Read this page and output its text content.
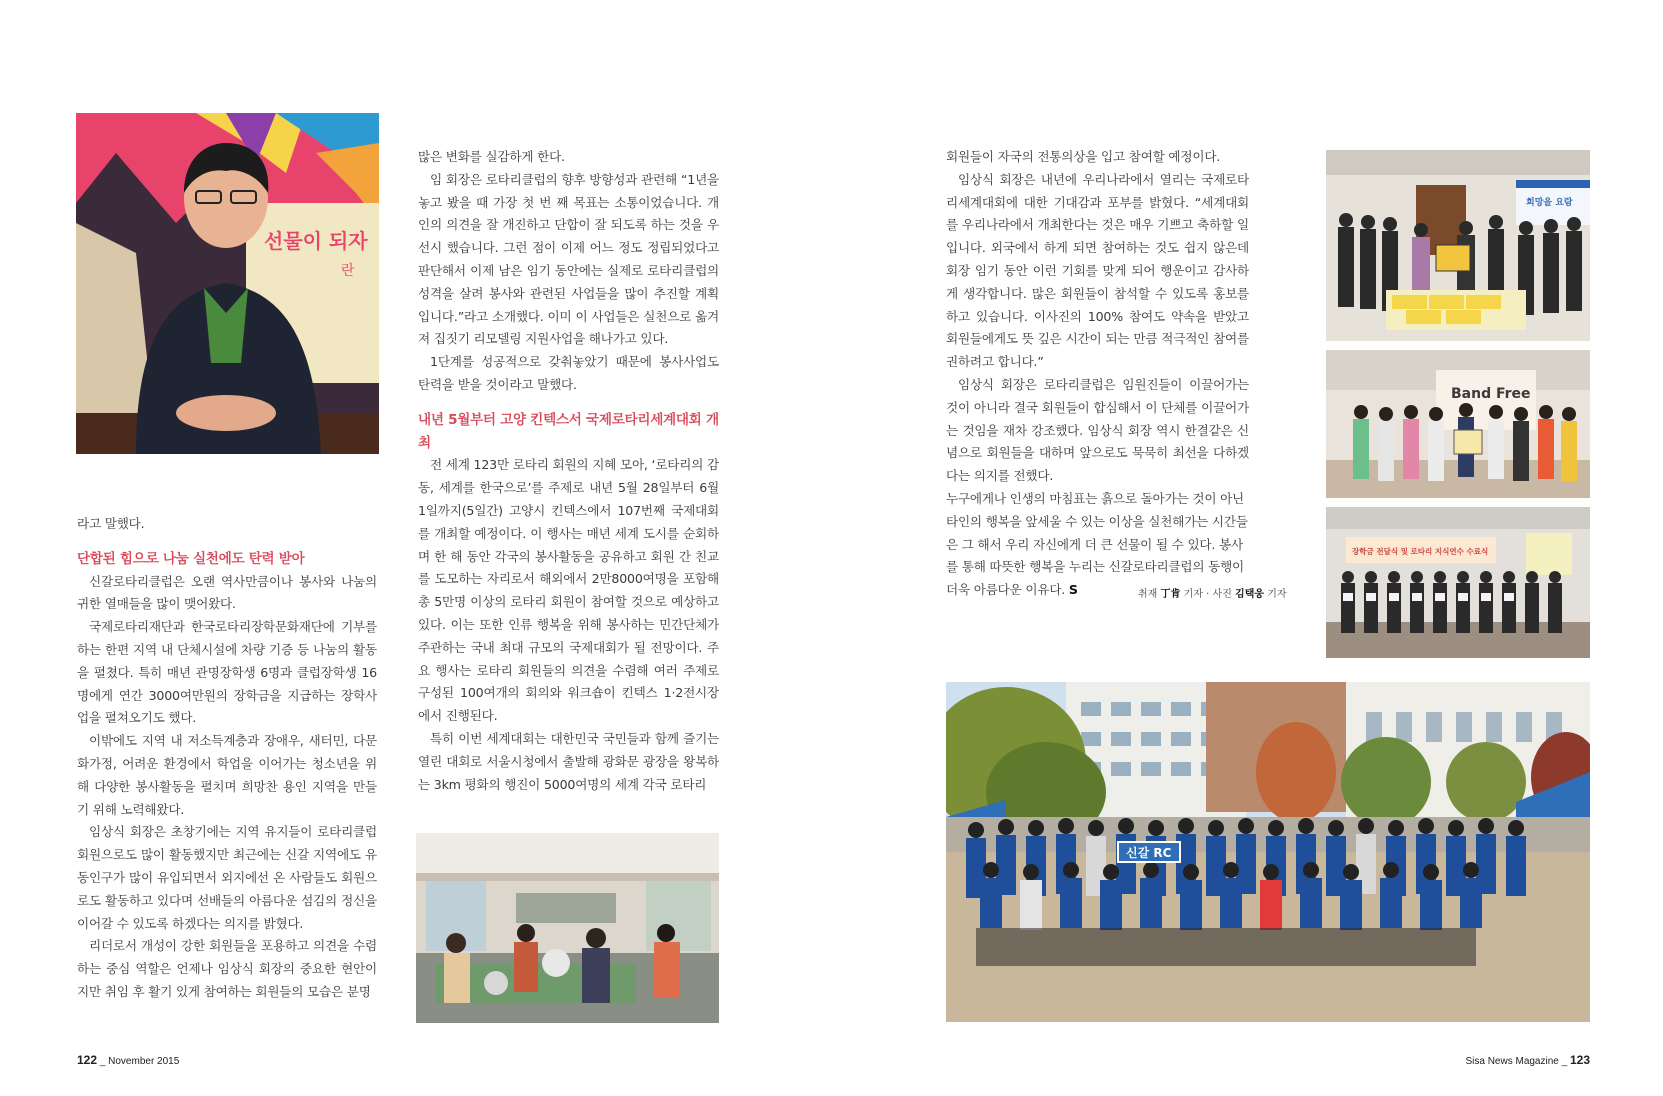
선물이 되자
란

라고 말했다.

단합된 힘으로 나눔 실천에도 탄력 받아

신갈로타리클럽은 오랜 역사만큼이나 봉사와 나눔의 귀한 열매들을 많이 맺어왔다.

국제로타리재단과 한국로타리장학문화재단에 기부를 하는 한편 지역 내 단체시설에 차량 기증 등 나눔의 활동을 펼쳤다. 특히 매년 관명장학생 6명과 클럽장학생 16명에게 연간 3000여만원의 장학금을 지급하는 장학사업을 펼쳐오기도 했다.

이밖에도 지역 내 저소득계층과 장애우, 새터민, 다문화가정, 어려운 환경에서 학업을 이어가는 청소년을 위해 다양한 봉사활동을 펼치며 희망찬 용인 지역을 만들기 위해 노력해왔다.

임상식 회장은 초창기에는 지역 유지들이 로타리클럽 회원으로도 많이 활동했지만 최근에는 신갈 지역에도 유동인구가 많이 유입되면서 외지에선 온 사람들도 회원으로도 활동하고 있다며 선배들의 아름다운 섬김의 정신을 이어갈 수 있도록 하겠다는 의지를 밝혔다.

리더로서 개성이 강한 회원들을 포용하고 의견을 수렴하는 중심 역할은 언제나 임상식 회장의 중요한 현안이지만 취임 후 활기 있게 참여하는 회원들의 모습은 분명

많은 변화를 실감하게 한다.

임 회장은 로타리클럽의 향후 방향성과 관련해 “1년을 놓고 봤을 때 가장 첫 번 째 목표는 소통이었습니다. 개인의 의견을 잘 개진하고 단합이 잘 되도록 하는 것을 우선시 했습니다. 그런 점이 이제 어느 정도 정립되었다고 판단해서 이제 남은 임기 동안에는 실제로 로타리클럽의 성격을 살려 봉사와 관련된 사업들을 많이 추진할 계획입니다.”라고 소개했다. 이미 이 사업들은 실천으로 옮겨져 집짓기 리모델링 지원사업을 해나가고 있다.

1단계를 성공적으로 갖춰놓았기 때문에 봉사사업도 탄력을 받을 것이라고 말했다.

내년 5월부터 고양 킨텍스서 국제로타리세계대회 개최

전 세계 123만 로타리 회원의 지혜 모아, ‘로타리의 감동, 세계를 한국으로’를 주제로 내년 5월 28일부터 6월 1일까지(5일간) 고양시 킨텍스에서 107번째 국제대회를 개최할 예정이다. 이 행사는 매년 세계 도시를 순회하며 한 해 동안 각국의 봉사활동을 공유하고 회원 간 친교를 도모하는 자리로서 해외에서 2만8000여명을 포함해 총 5만명 이상의 로타리 회원이 참여할 것으로 예상하고 있다. 이는 또한 인류 행복을 위해 봉사하는 민간단체가 주관하는 국내 최대 규모의 국제대회가 될 전망이다. 주요 행사는 로타리 회원들의 의견을 수렴해 여러 주제로 구성된 100여개의 회의와 워크숍이 킨텍스 1·2전시장에서 진행된다.

특히 이번 세계대회는 대한민국 국민들과 함께 즐기는 열린 대회로 서울시청에서 출발해 광화문 광장을 왕복하는 3km 평화의 행진이 5000여명의 세계 각국 로타리

회원들이 자국의 전통의상을 입고 참여할 예정이다.

임상식 회장은 내년에 우리나라에서 열리는 국제로타리세계대회에 대한 기대감과 포부를 밝혔다. “세계대회를 우리나라에서 개최한다는 것은 매우 기쁘고 축하할 일입니다. 외국에서 하게 되면 참여하는 것도 쉽지 않은데 회장 임기 동안 이런 기회를 맞게 되어 행운이고 감사하게 생각합니다. 많은 회원들이 참석할 수 있도록 홍보를 하고 있습니다. 이사진의 100% 참여도 약속을 받았고 회원들에게도 뜻 깊은 시간이 되는 만큼 적극적인 참여를 권하려고 합니다.”

임상식 회장은 로타리클럽은 임원진들이 이끌어가는 것이 아니라 결국 회원들이 합심해서 이 단체를 이끌어가는 것임을 재차 강조했다. 임상식 회장 역시 한결같은 신념으로 회원들을 대하며 앞으로도 묵묵히 최선을 다하겠다는 의지를 전했다.

누구에게나 인생의 마침표는 흙으로 돌아가는 것이 아닌 타인의 행복을 앞세울 수 있는 이상을 실천해가는 시간들은 그 해서 우리 자신에게 더 큰 선물이 될 수 있다. 봉사를 통해 따뜻한 행복을 누리는 신갈로타리클럽의 동행이 더욱 아름다운 이유다. S	취재 丁肯 기자 · 사진 김택웅 기자
희망을 요람
Band Free
장학금 전달식 및 로타리 지식연수 수료식
신갈 RC
122 _ November 2015	Sisa News Magazine _ 123
